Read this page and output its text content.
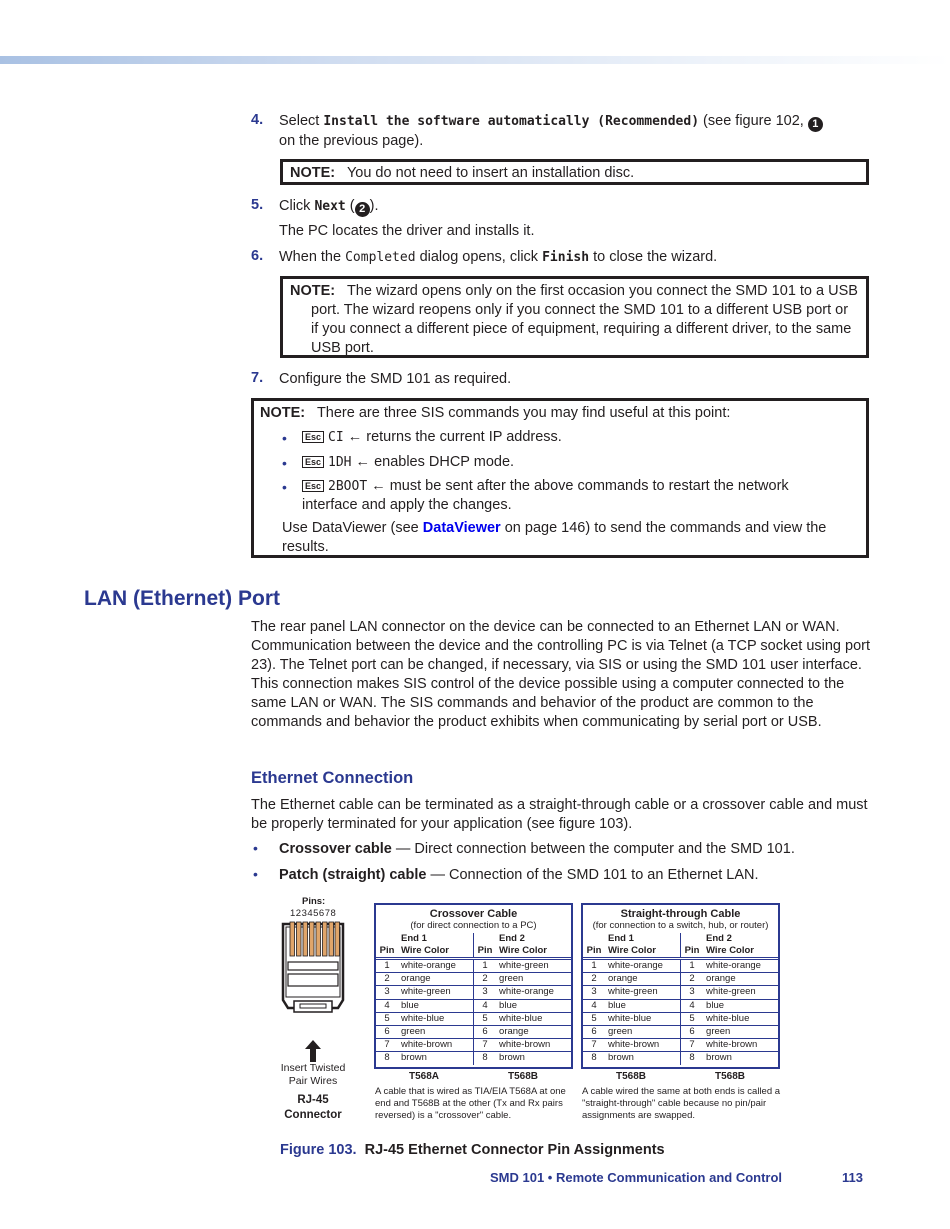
4. Select Install the software automatically (Recommended) (see figure 102, 1
on the previous page).
NOTE: You do not need to insert an installation disc.
5. Click Next ( 2 ).
The PC locates the driver and installs it.
6. When the Completed dialog opens, click Finish to close the wizard.
NOTE: The wizard opens only on the first occasion you connect the SMD 101 to a USB port. The wizard reopens only if you connect the SMD 101 to a different USB port or if you connect a different piece of equipment, requiring a different driver, to the same USB port.
7. Configure the SMD 101 as required.
NOTE: There are three SIS commands you may find useful at this point:
•	Esc CI ← returns the current IP address.
•	Esc 1DH ← enables DHCP mode.
•	Esc 2BOOT ← must be sent after the above commands to restart the network interface and apply the changes.
Use DataViewer (see DataViewer on page 146) to send the commands and view the results.
LAN (Ethernet) Port
The rear panel LAN connector on the device can be connected to an Ethernet LAN or WAN. Communication between the device and the controlling PC is via Telnet (a TCP socket using port 23). The Telnet port can be changed, if necessary, via SIS or using the SMD 101 user interface. This connection makes SIS control of the device possible using a computer connected to the same LAN or WAN. The SIS commands and behavior of the product are common to the commands and behavior the product exhibits when communicating by serial port or USB.
Ethernet Connection
The Ethernet cable can be terminated as a straight-through cable or a crossover cable and must be properly terminated for your application (see figure 103).
• Crossover cable — Direct connection between the computer and the SMD 101.
• Patch (straight) cable — Connection of the SMD 101 to an Ethernet LAN.
Pins:
12345678
Insert Twisted
Pair Wires
RJ-45
Connector
Crossover Cable
(for direct connection to a PC)
	End 1		End 2
Pin	Wire Color	Pin	Wire Color
1	white-orange	1	white-green
2	orange	2	green
3	white-green	3	white-orange
4	blue	4	blue
5	white-blue	5	white-blue
6	green	6	orange
7	white-brown	7	white-brown
8	brown	8	brown
T568A	T568B
A cable that is wired as TIA/EIA T568A at one end and T568B at the other (Tx and Rx pairs reversed) is a "crossover" cable.
Straight-through Cable
(for connection to a switch, hub, or router)
	End 1		End 2
Pin	Wire Color	Pin	Wire Color
1	white-orange	1	white-orange
2	orange	2	orange
3	white-green	3	white-green
4	blue	4	blue
5	white-blue	5	white-blue
6	green	6	green
7	white-brown	7	white-brown
8	brown	8	brown
T568B	T568B
A cable wired the same at both ends is called a "straight-through" cable because no pin/pair assignments are swapped.
Figure 103. RJ-45 Ethernet Connector Pin Assignments
SMD 101 • Remote Communication and Control	113
